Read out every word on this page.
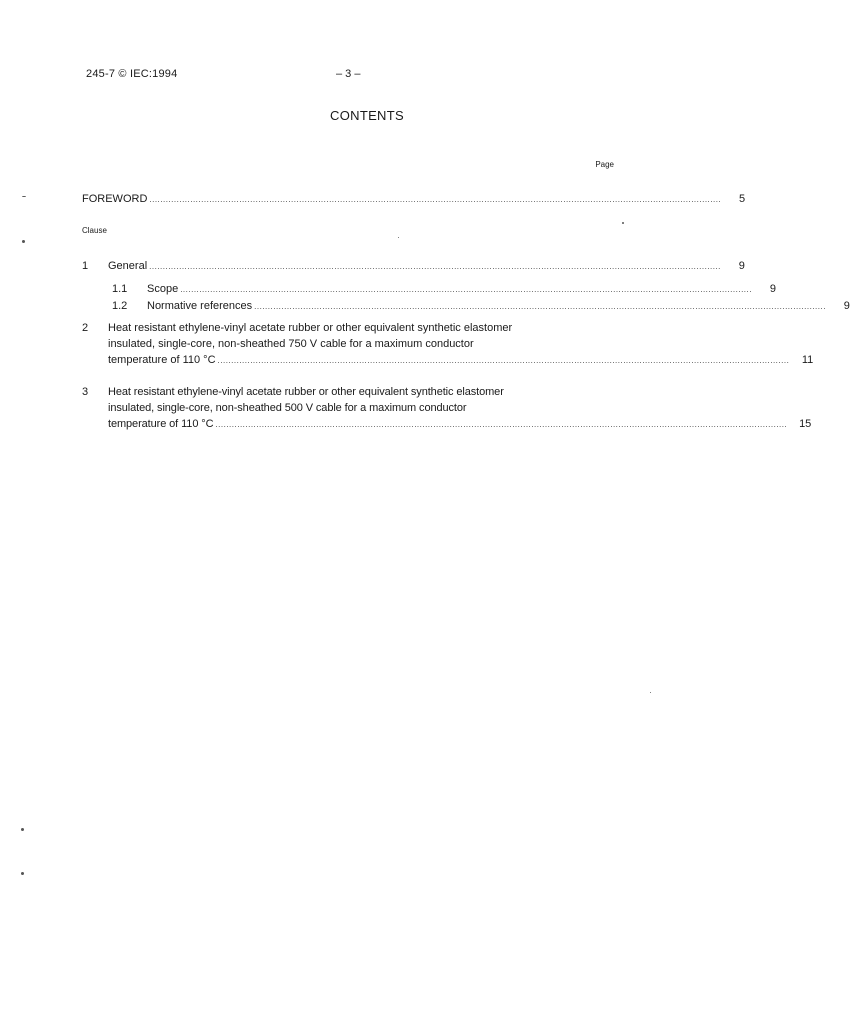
245-7 © IEC:1994	– 3 –
CONTENTS
Page
FOREWORD ..................................................................................................................................................................................................................	5
Clause
1	General ..................................................................................................................................................................................................................	9
1.1	Scope ..................................................................................................................................................................................................................	9
1.2	Normative references ..................................................................................................................................................................................................................	9
2 Heat resistant ethylene-vinyl acetate rubber or other equivalent synthetic elastomer
insulated, single-core, non-sheathed 750 V cable for a maximum conductor
temperature of 110 °C ..................................................................................................................................................................................................................	11
3 Heat resistant ethylene-vinyl acetate rubber or other equivalent synthetic elastomer
insulated, single-core, non-sheathed 500 V cable for a maximum conductor
temperature of 110 °C ..................................................................................................................................................................................................................	15
